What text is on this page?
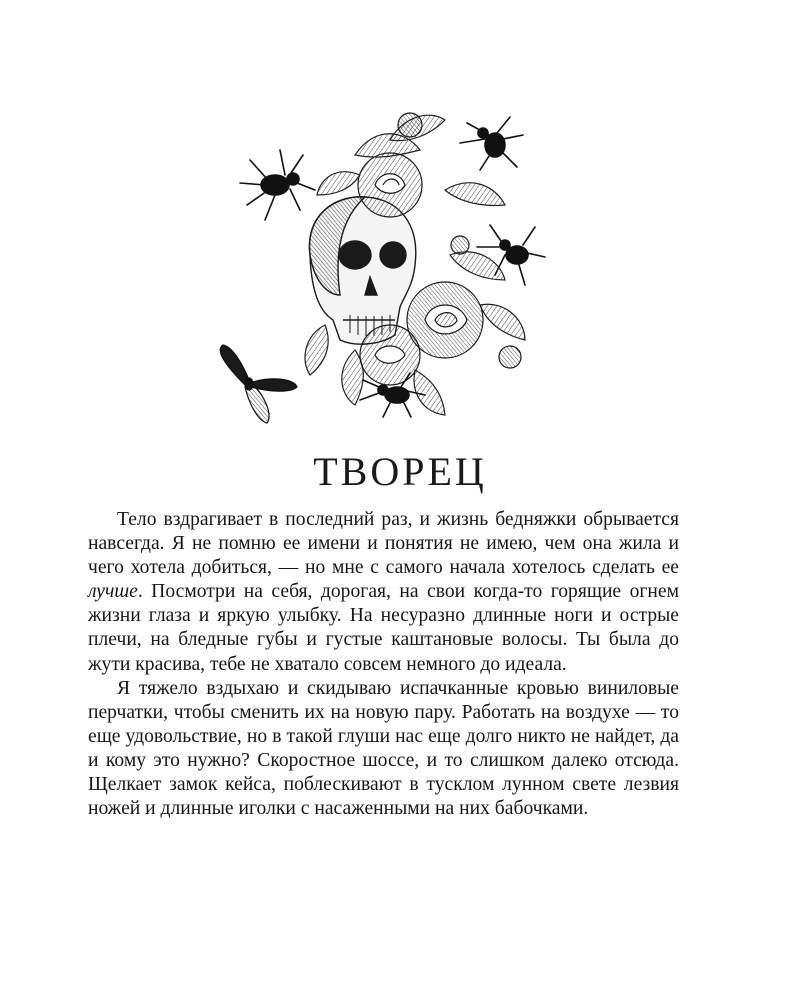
ТВОРЕЦ

Тело вздрагивает в последний раз, и жизнь бедняжки обрывается навсегда. Я не помню ее имени и понятия не имею, чем она жила и чего хотела добиться, — но мне с самого начала хотелось сделать ее лучше. Посмотри на себя, дорогая, на свои когда-то горящие огнем жизни глаза и яркую улыбку. На несуразно длинные ноги и острые плечи, на бледные губы и густые каштановые волосы. Ты была до жути красива, тебе не хватало совсем немного до идеала.

Я тяжело вздыхаю и скидываю испачканные кровью виниловые перчатки, чтобы сменить их на новую пару. Работать на воздухе — то еще удовольствие, но в такой глуши нас еще долго никто не найдет, да и кому это нужно? Скоростное шоссе, и то слишком далеко отсюда. Щелкает замок кейса, поблескивают в тусклом лунном свете лезвия ножей и длинные иголки с насаженными на них бабочками.
